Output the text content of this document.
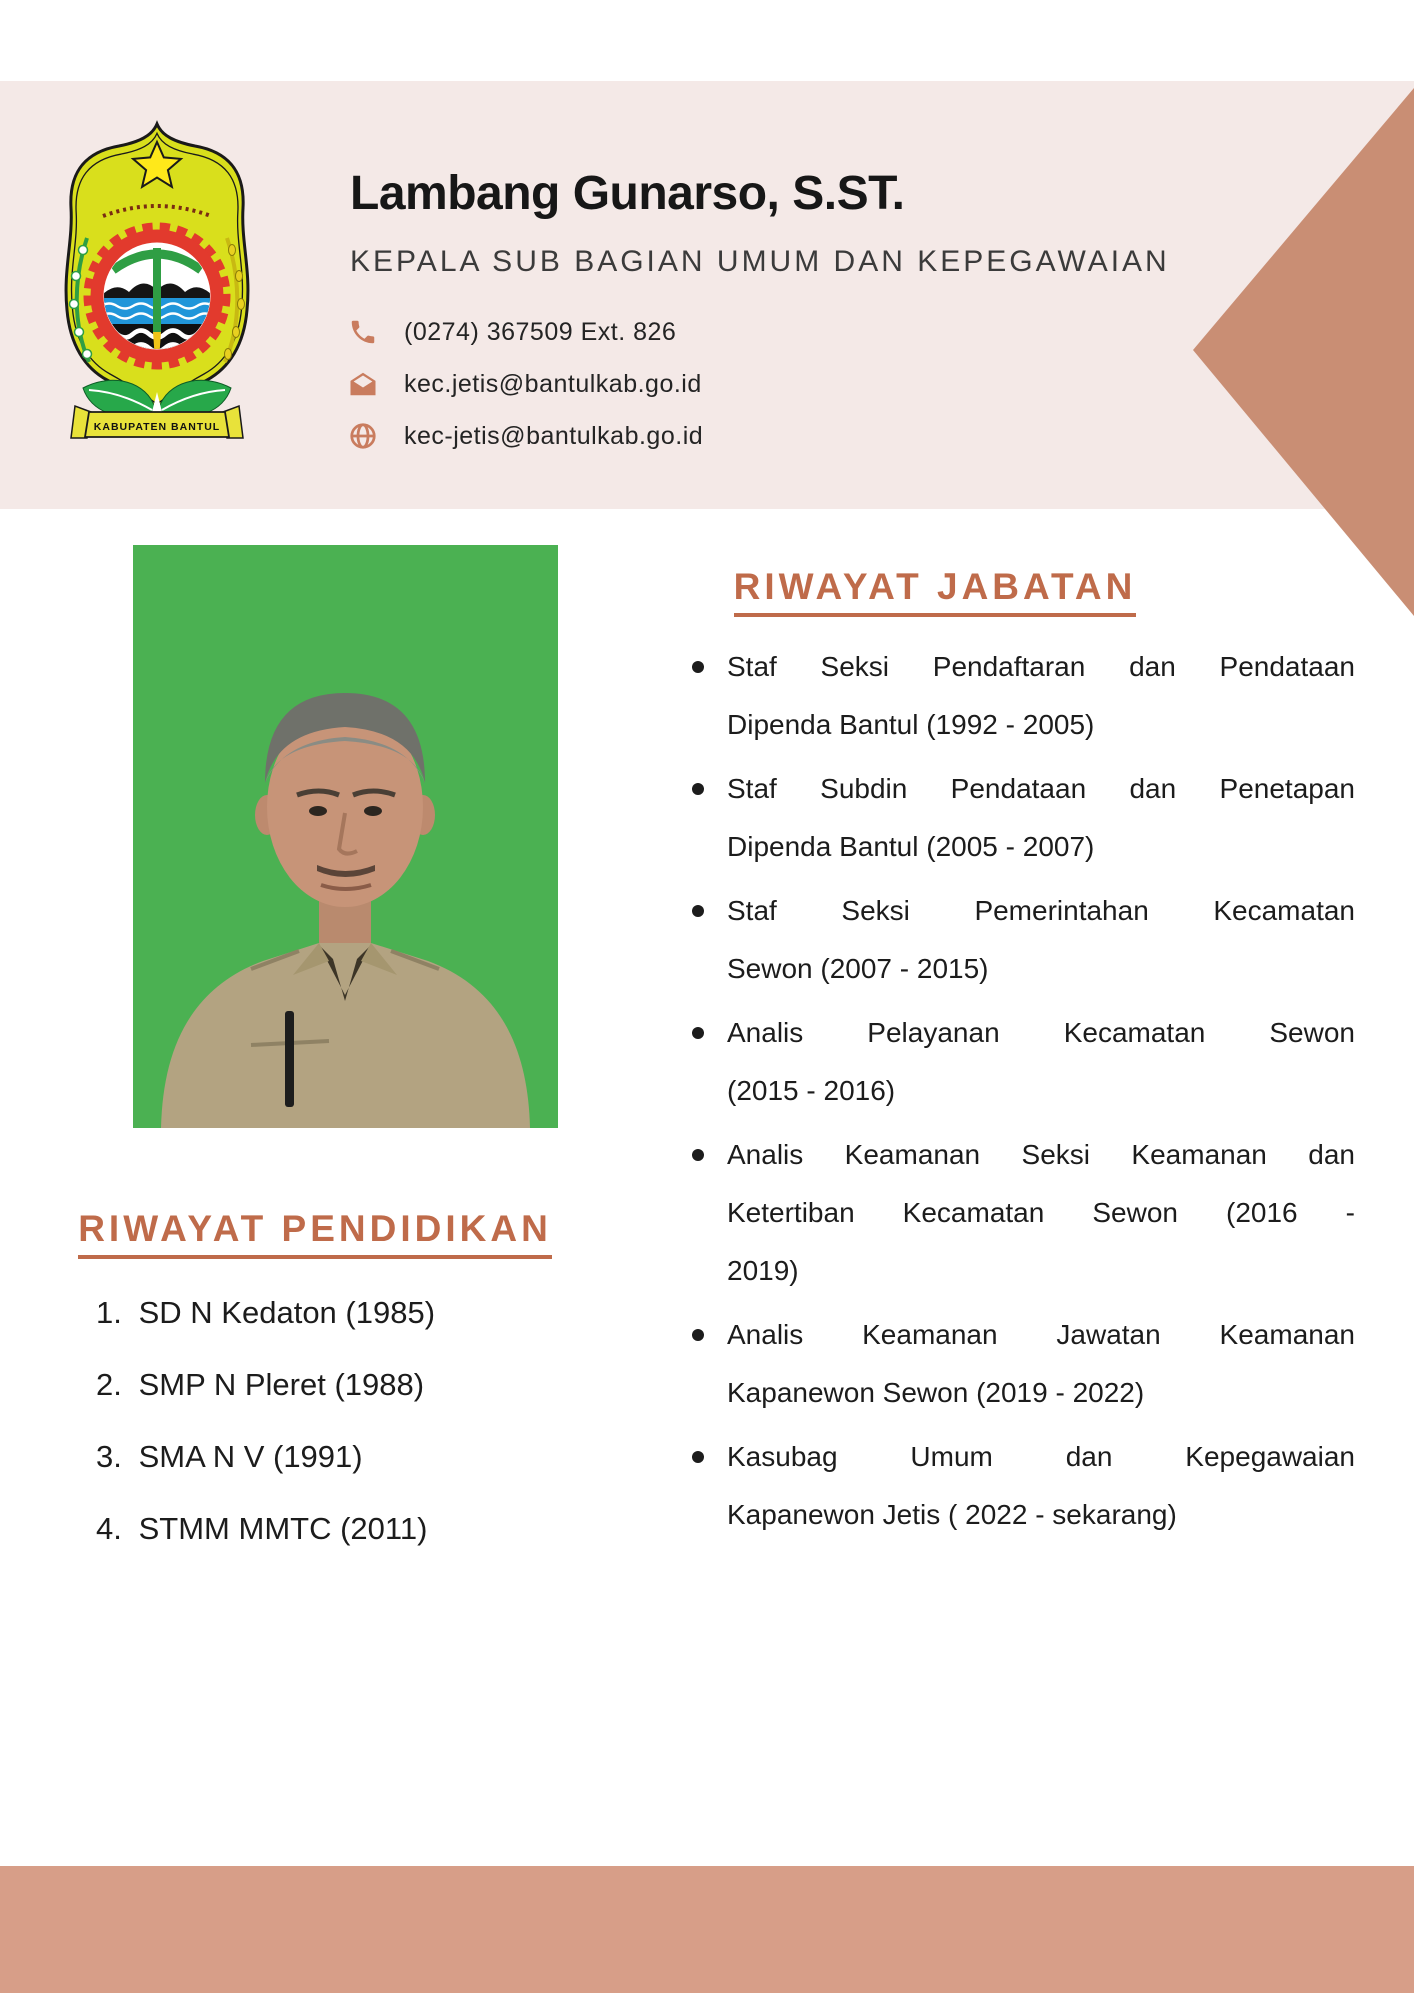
KABUPATEN BANTUL
Lambang Gunarso, S.ST.
KEPALA SUB BAGIAN UMUM DAN KEPEGAWAIAN
(0274) 367509 Ext. 826
kec.jetis@bantulkab.go.id
kec-jetis@bantulkab.go.id
RIWAYAT JABATAN
Staf Seksi Pendaftaran dan Pendataan
Dipenda Bantul (1992 - 2005)
Staf Subdin Pendataan dan Penetapan
Dipenda Bantul (2005 - 2007)
Staf Seksi Pemerintahan Kecamatan
Sewon (2007 - 2015)
Analis Pelayanan Kecamatan Sewon
(2015 - 2016)
Analis Keamanan Seksi Keamanan dan
Ketertiban Kecamatan Sewon (2016 -
2019)
Analis Keamanan Jawatan Keamanan
Kapanewon Sewon (2019 - 2022)
Kasubag Umum dan Kepegawaian
Kapanewon Jetis ( 2022 - sekarang)
RIWAYAT PENDIDIKAN
1. SD N Kedaton (1985)
2. SMP N Pleret (1988)
3. SMA N V (1991)
4. STMM MMTC (2011)
